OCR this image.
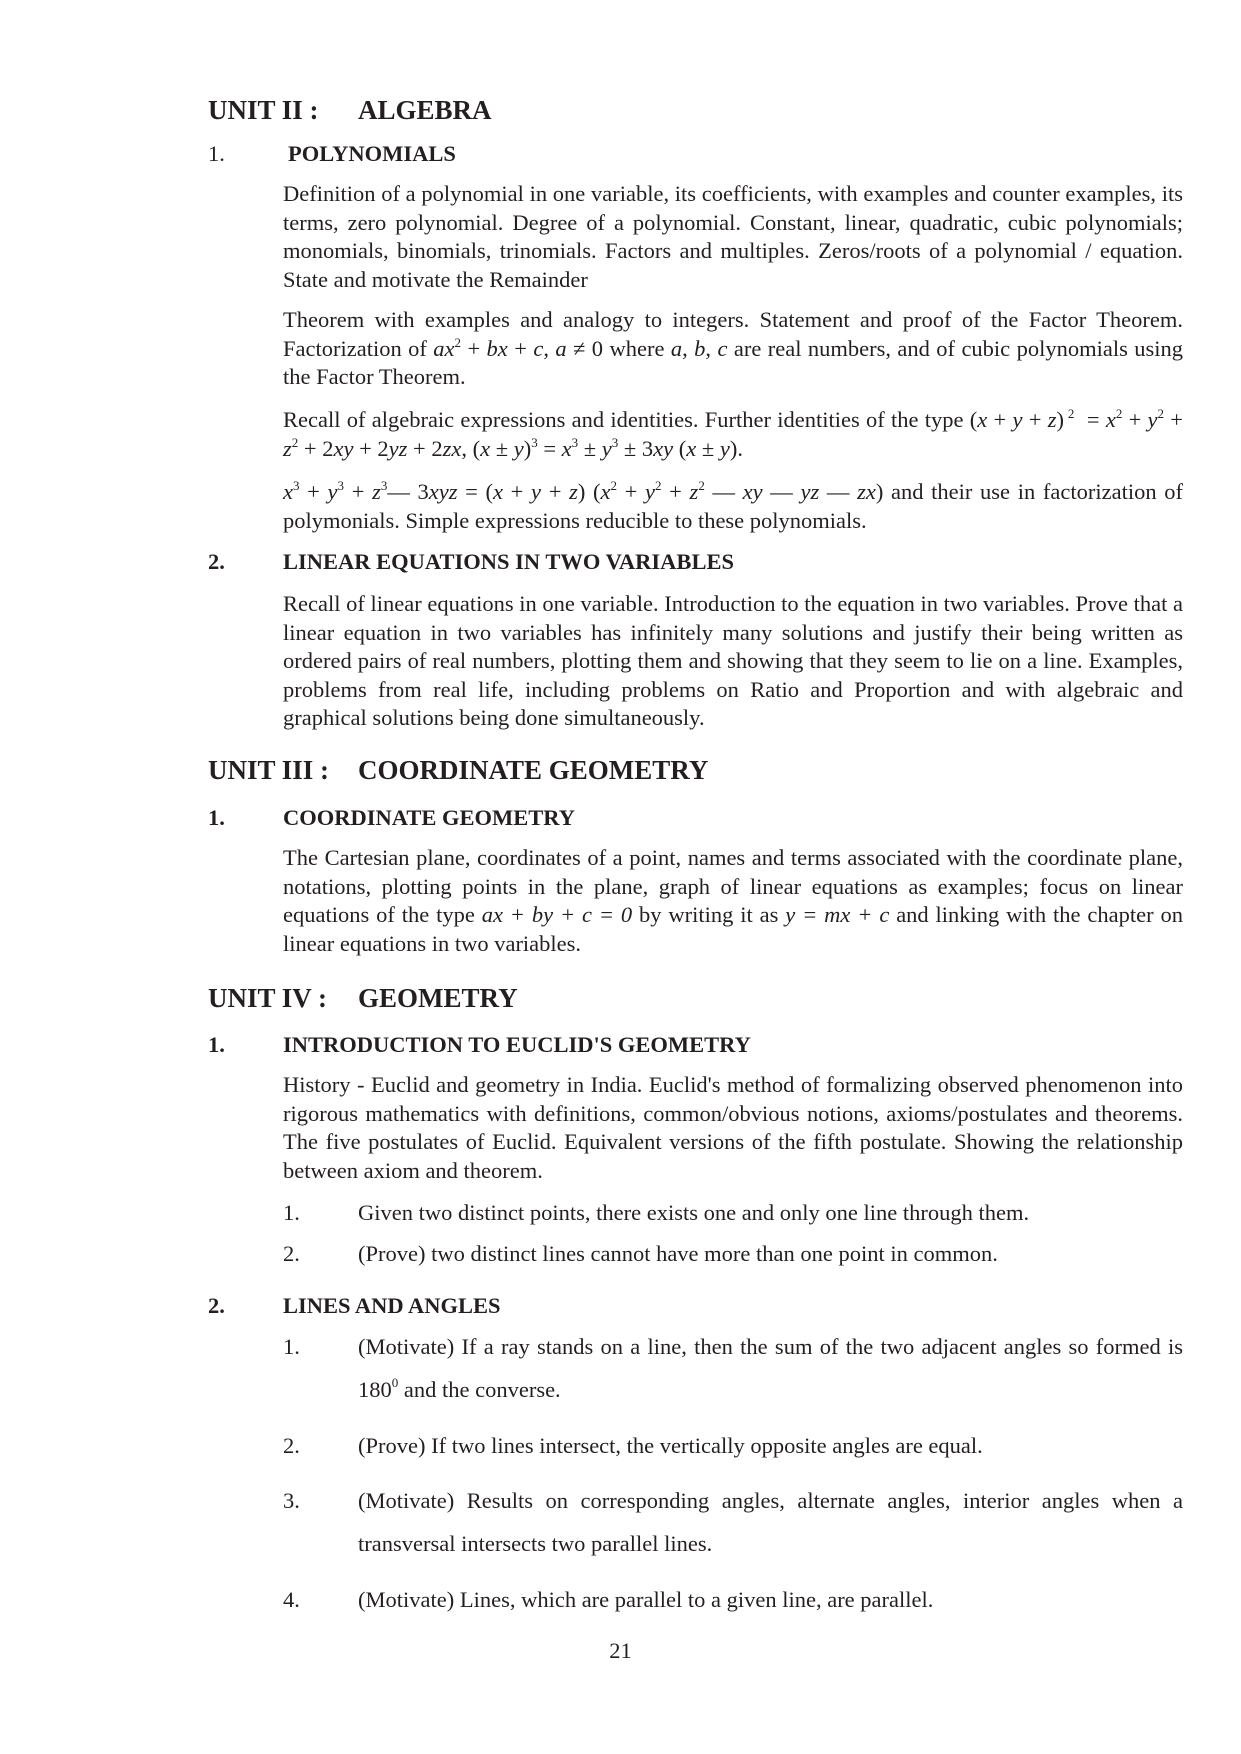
UNIT II : ALGEBRA
1.	POLYNOMIALS

Definition of a polynomial in one variable, its coefficients, with examples and counter examples, its terms, zero polynomial. Degree of a polynomial. Constant, linear, quadratic, cubic polynomials; monomials, binomials, trinomials. Factors and multiples. Zeros/roots of a polynomial / equation. State and motivate the Remainder

Theorem with examples and analogy to integers. Statement and proof of the Factor Theorem. Factorization of $ax^2$ + bx + c, a ≠ 0 where a, b, c are real numbers, and of cubic polynomials using the Factor Theorem.

Recall of algebraic expressions and identities. Further identities of the type (x + y + z) $^2 = x^2 + y^2 + z^2 + 2xy + 2yz + 2zx$, $(x \pm y)^3 = x^3 \pm y^3 \pm 3xy$ (x ± y).

$x^3 + y^3$ + $z^3—$ 3xyz = (x + y + z) ($x^2 + y^2 + z^2$ — xy — yz — zx) and their use in factorization of polymonials. Simple expressions reducible to these polynomials.

2.	LINEAR EQUATIONS IN TWO VARIABLES

Recall of linear equations in one variable. Introduction to the equation in two variables. Prove that a linear equation in two variables has infinitely many solutions and justify their being written as ordered pairs of real numbers, plotting them and showing that they seem to lie on a line. Examples, problems from real life, including problems on Ratio and Proportion and with algebraic and graphical solutions being done simultaneously.

UNIT III : COORDINATE GEOMETRY
1.	COORDINATE GEOMETRY

The Cartesian plane, coordinates of a point, names and terms associated with the coordinate plane, notations, plotting points in the plane, graph of linear equations as examples; focus on linear equations of the type ax + by + c = 0 by writing it as y = mx + c and linking with the chapter on linear equations in two variables.

UNIT IV : GEOMETRY
1.	INTRODUCTION TO EUCLID'S GEOMETRY

History - Euclid and geometry in India. Euclid's method of formalizing observed phenomenon into rigorous mathematics with definitions, common/obvious notions, axioms/postulates and theorems. The five postulates of Euclid. Equivalent versions of the fifth postulate. Showing the relationship between axiom and theorem.

1.	Given two distinct points, there exists one and only one line through them.
2.	(Prove) two distinct lines cannot have more than one point in common.
2.	LINES AND ANGLES
1.	(Motivate) If a ray stands on a line, then the sum of the two adjacent angles so formed is $180^0$ and the converse.
2.	(Prove) If two lines intersect, the vertically opposite angles are equal.
3.	(Motivate) Results on corresponding angles, alternate angles, interior angles when a transversal intersects two parallel lines.
4.	(Motivate) Lines, which are parallel to a given line, are parallel.
21
